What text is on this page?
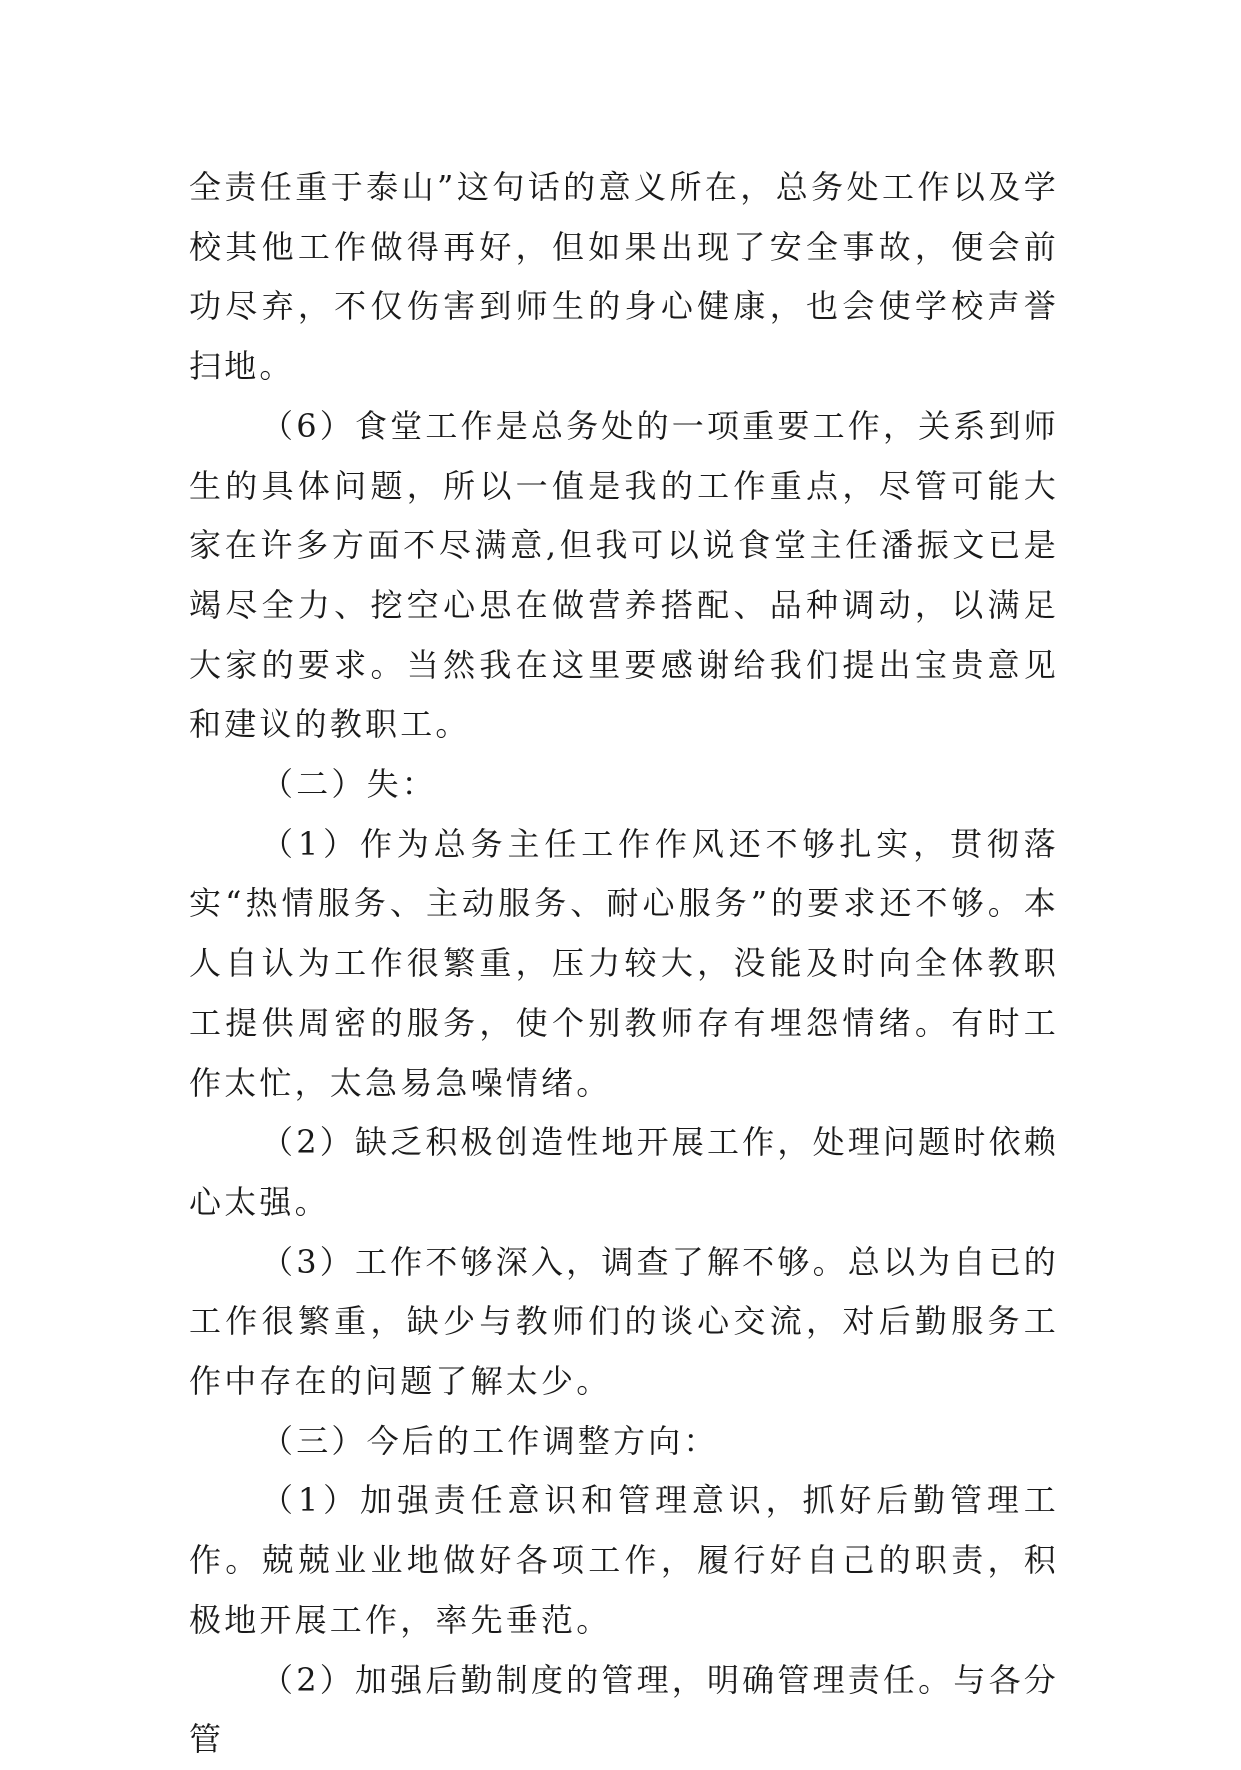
全责任重于泰山”这句话的意义所在，总务处工作以及学校其他工作做得再好，但如果出现了安全事故，便会前功尽弃，不仅伤害到师生的身心健康，也会使学校声誉扫地。

（6）食堂工作是总务处的一项重要工作，关系到师生的具体问题，所以一值是我的工作重点，尽管可能大家在许多方面不尽满意,但我可以说食堂主任潘振文已是竭尽全力、挖空心思在做营养搭配、品种调动，以满足大家的要求。当然我在这里要感谢给我们提出宝贵意见和建议的教职工。

（二）失：

（1）作为总务主任工作作风还不够扎实，贯彻落实“热情服务、主动服务、耐心服务”的要求还不够。本人自认为工作很繁重，压力较大，没能及时向全体教职工提供周密的服务，使个别教师存有埋怨情绪。有时工作太忙，太急易急噪情绪。

（2）缺乏积极创造性地开展工作，处理问题时依赖心太强。

（3）工作不够深入，调查了解不够。总以为自已的工作很繁重，缺少与教师们的谈心交流，对后勤服务工作中存在的问题了解太少。

（三）今后的工作调整方向：

（1）加强责任意识和管理意识，抓好后勤管理工作。兢兢业业地做好各项工作，履行好自己的职责，积极地开展工作，率先垂范。

（2）加强后勤制度的管理，明确管理责任。与各分管
